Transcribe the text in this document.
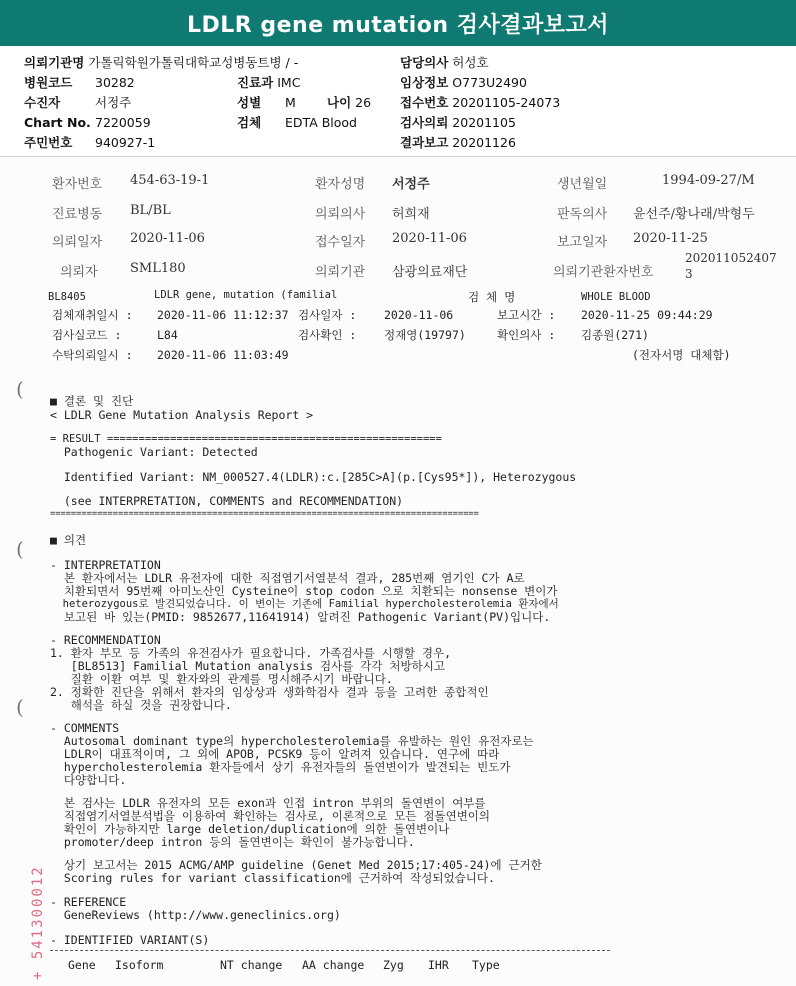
LDLR gene mutation 검사결과보고서
의뢰기관명 가톨릭학원가톨릭대학교성병동트병 / -	담당의사 허성호
병원코드 30282	진료과 IMC	임상정보 O773U2490
수진자	서정주	성별 M 나이 26 접수번호 20201105-24073
Chart No. 7220059	검체 EDTA Blood	검사의뢰 20201105
주민번호 940927-1	결과보고 20201126
환자번호 454-63-19-1	환자성명 서정주	생년월일	1994-09-27/M
진료병동 BL/BL	의뢰의사 허희재	판독의사 윤선주/황나래/박형두
의뢰일자 2020-11-06	접수일자 2020-11-06	보고일자 2020-11-25
의뢰자 SML180	의뢰기관 삼광의료재단	의뢰기관환자번호
202011052407
3
BL8405	LDLR gene, mutation (familial	검 체 명	WHOLE BLOOD
검체재취일시 : 2020-11-06 11:12:37 검사일자 : 2020-11-06	보고시간 : 2020-11-25 09:44:29
검사실코드 :	L84	검사확인 : 정재영(19797)	확인의사 : 김종원(271)
수탁의뢰일시 : 2020-11-06 11:03:49	(전자서명 대체함)
(
(
(
■ 결론 및 진단
< LDLR Gene Mutation Analysis Report >
= RESULT =====================================================
Pathogenic Variant: Detected
Identified Variant: NM_000527.4(LDLR):c.[285C>A](p.[Cys95*]), Heterozygous
(see INTERPRETATION, COMMENTS and RECOMMENDATION)
==================================================================================
■ 의견
- INTERPRETATION
본 환자에서는 LDLR 유전자에 대한 직접염기서열분석 결과, 285번째 염기인 C가 A로
치환되면서 95번째 아미노산인 Cysteine이 stop codon 으로 치환되는 nonsense 변이가
heterozygous로 발견되었습니다. 이 변이는 기존에 Familial hypercholesterolemia 환자에서
보고된 바 있는(PMID: 9852677,11641914) 알려진 Pathogenic Variant(PV)입니다.
- RECOMMENDATION
1. 환자 부모 등 가족의 유전검사가 필요합니다. 가족검사를 시행할 경우,
[BL8513] Familial Mutation analysis 검사를 각각 처방하시고
질환 이환 여부 및 환자와의 관계를 명시해주시기 바랍니다.
2. 정확한 진단을 위해서 환자의 임상상과 생화학검사 결과 등을 고려한 종합적인
해석을 하실 것을 권장합니다.
- COMMENTS
Autosomal dominant type의 hypercholesterolemia를 유발하는 원인 유전자로는
LDLR이 대표적이며, 그 외에 APOB, PCSK9 등이 알려져 있습니다. 연구에 따라
hypercholesterolemia 환자들에서 상기 유전자들의 돌연변이가 발견되는 빈도가
다양합니다.
본 검사는 LDLR 유전자의 모든 exon과 인접 intron 부위의 돌연변이 여부를
직접염기서열분석법을 이용하여 확인하는 검사로, 이론적으로 모든 점돌연변이의
확인이 가능하지만 large deletion/duplication에 의한 돌연변이나
promoter/deep intron 등의 돌연변이는 확인이 불가능합니다.
상기 보고서는 2015 ACMG/AMP guideline (Genet Med 2015;17:405-24)에 근거한
Scoring rules for variant classification에 근거하여 작성되었습니다.
- REFERENCE
GeneReviews (http://www.geneclinics.org)
- IDENTIFIED VARIANT(S)
Gene Isoform	NT change AA change Zyg IHR Type
+ 541300012
